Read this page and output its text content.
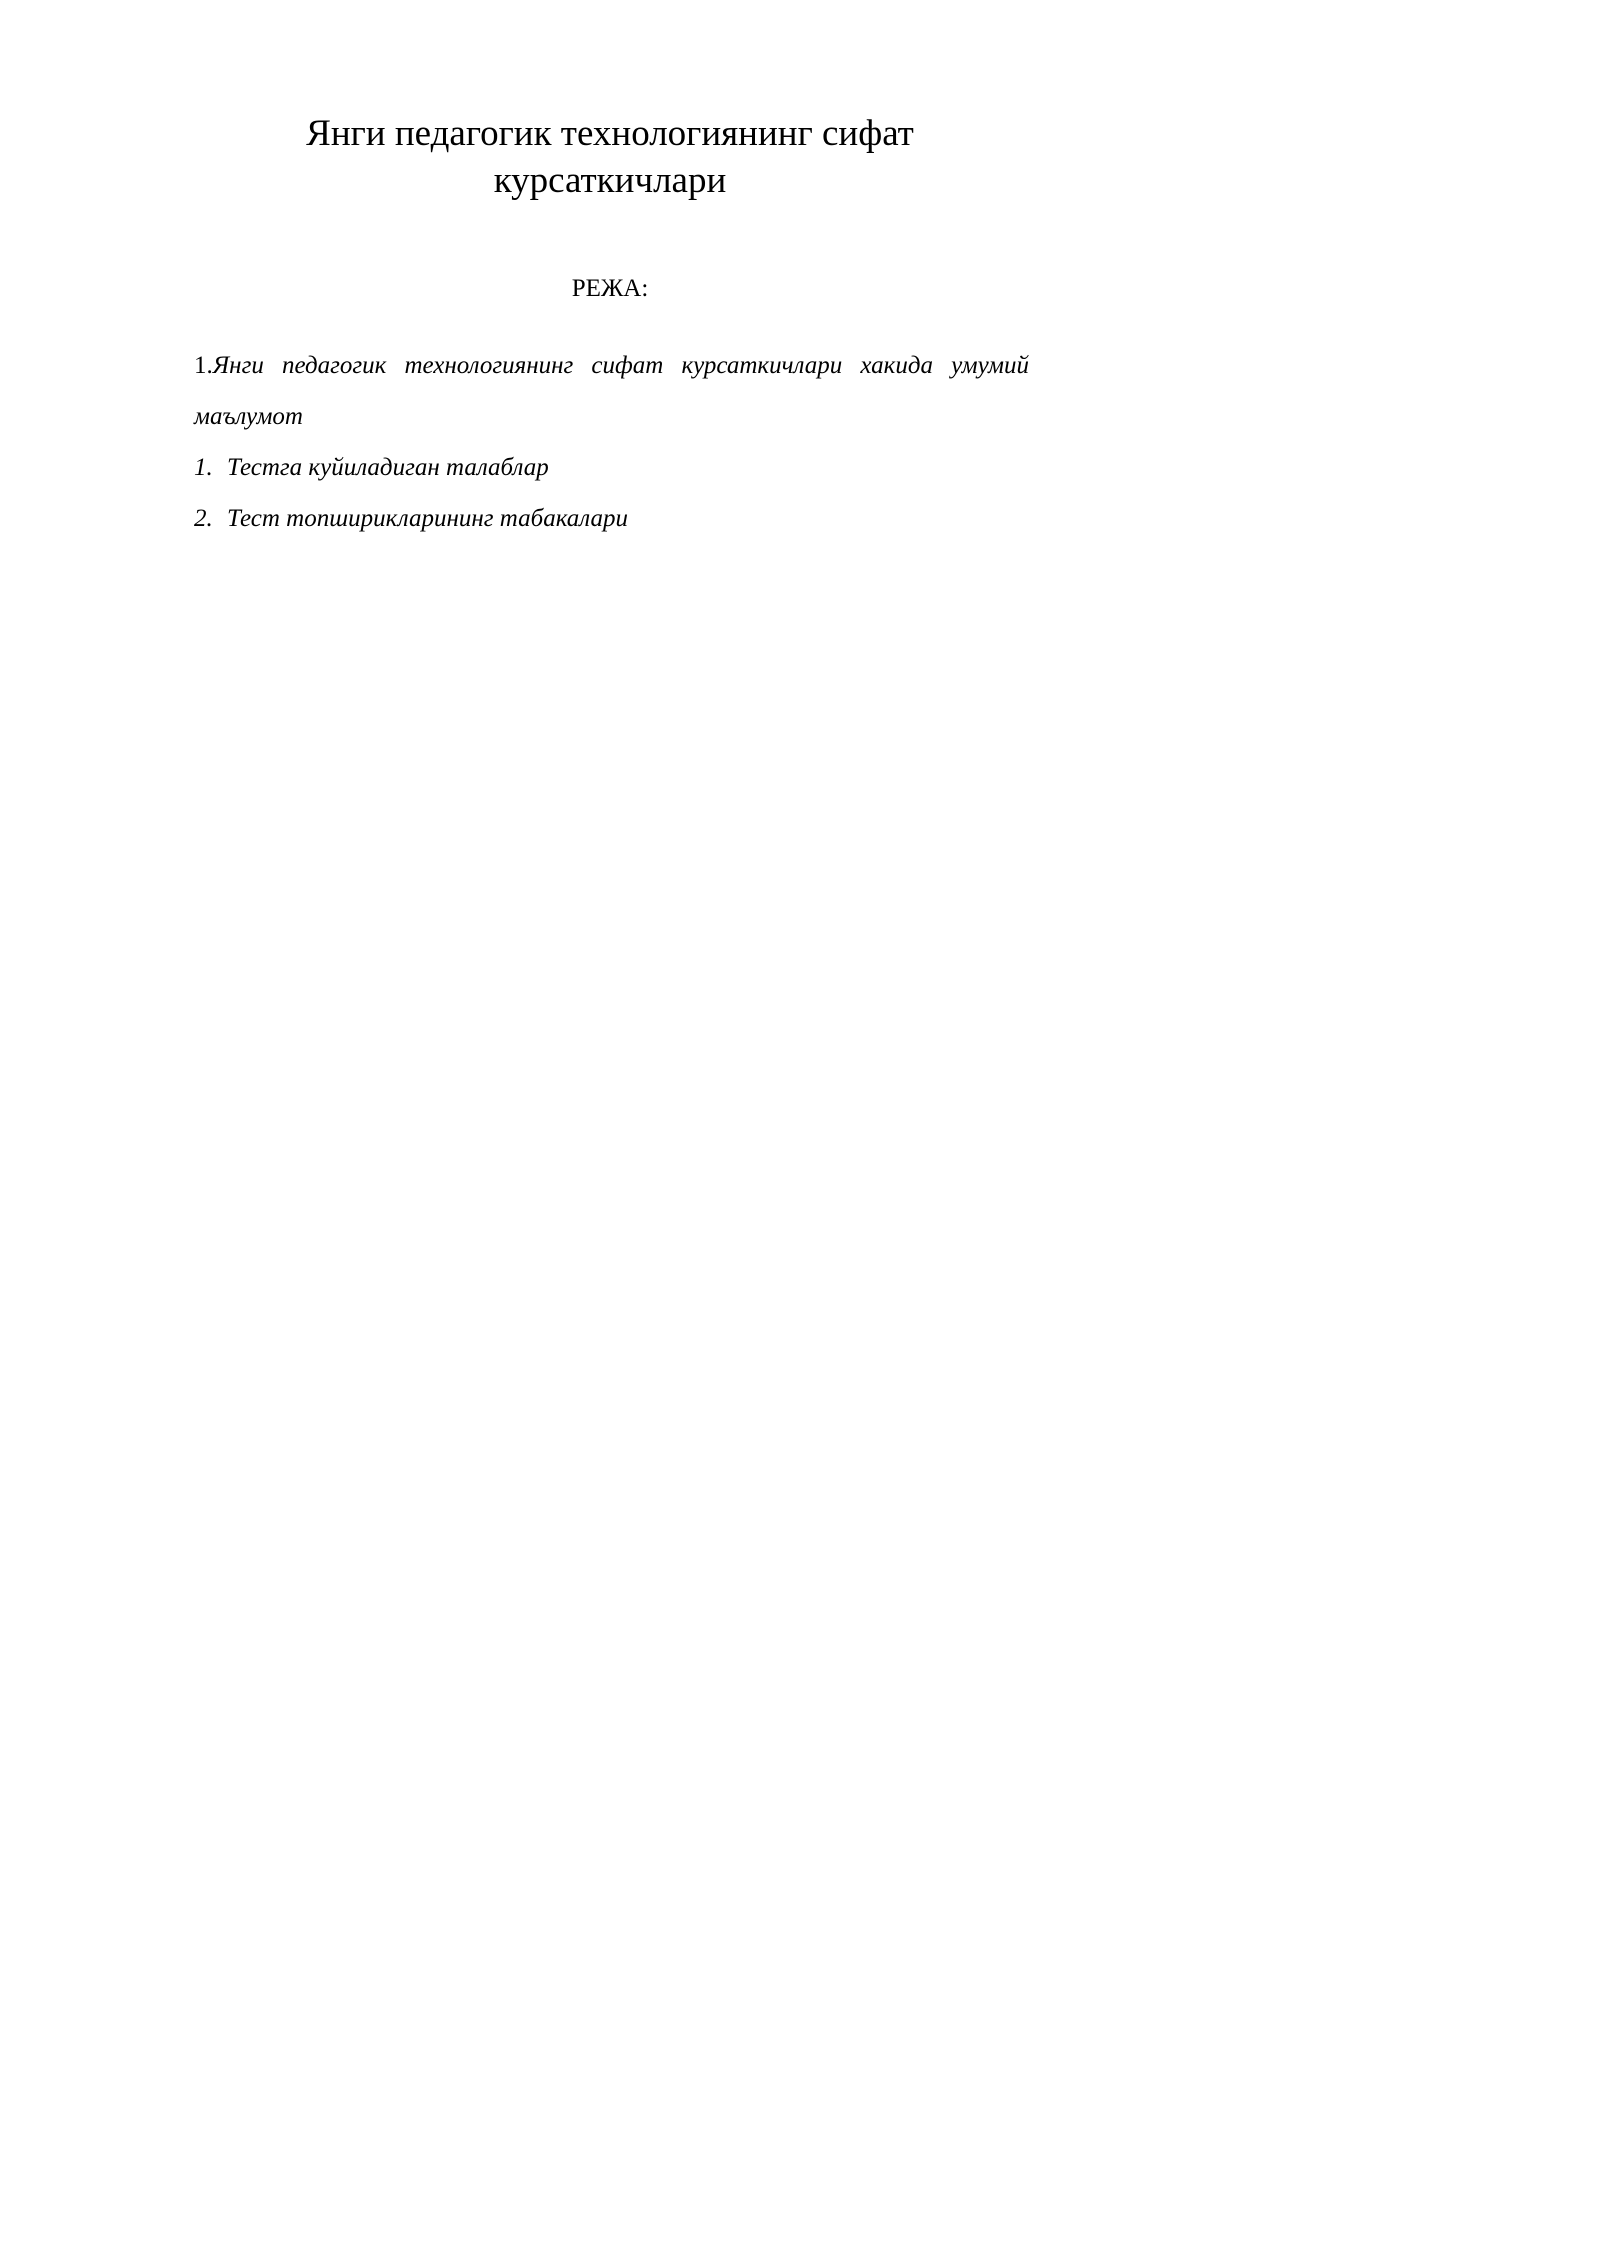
Янги педагогик технологиянинг сифат
курсаткичлари

РЕЖА:

1.Янги педагогик технологиянинг сифат курсаткичлари хакида умумий маълумот
1. Тестга куйиладиган талаблар
2. Тест топширикларининг табакалари
